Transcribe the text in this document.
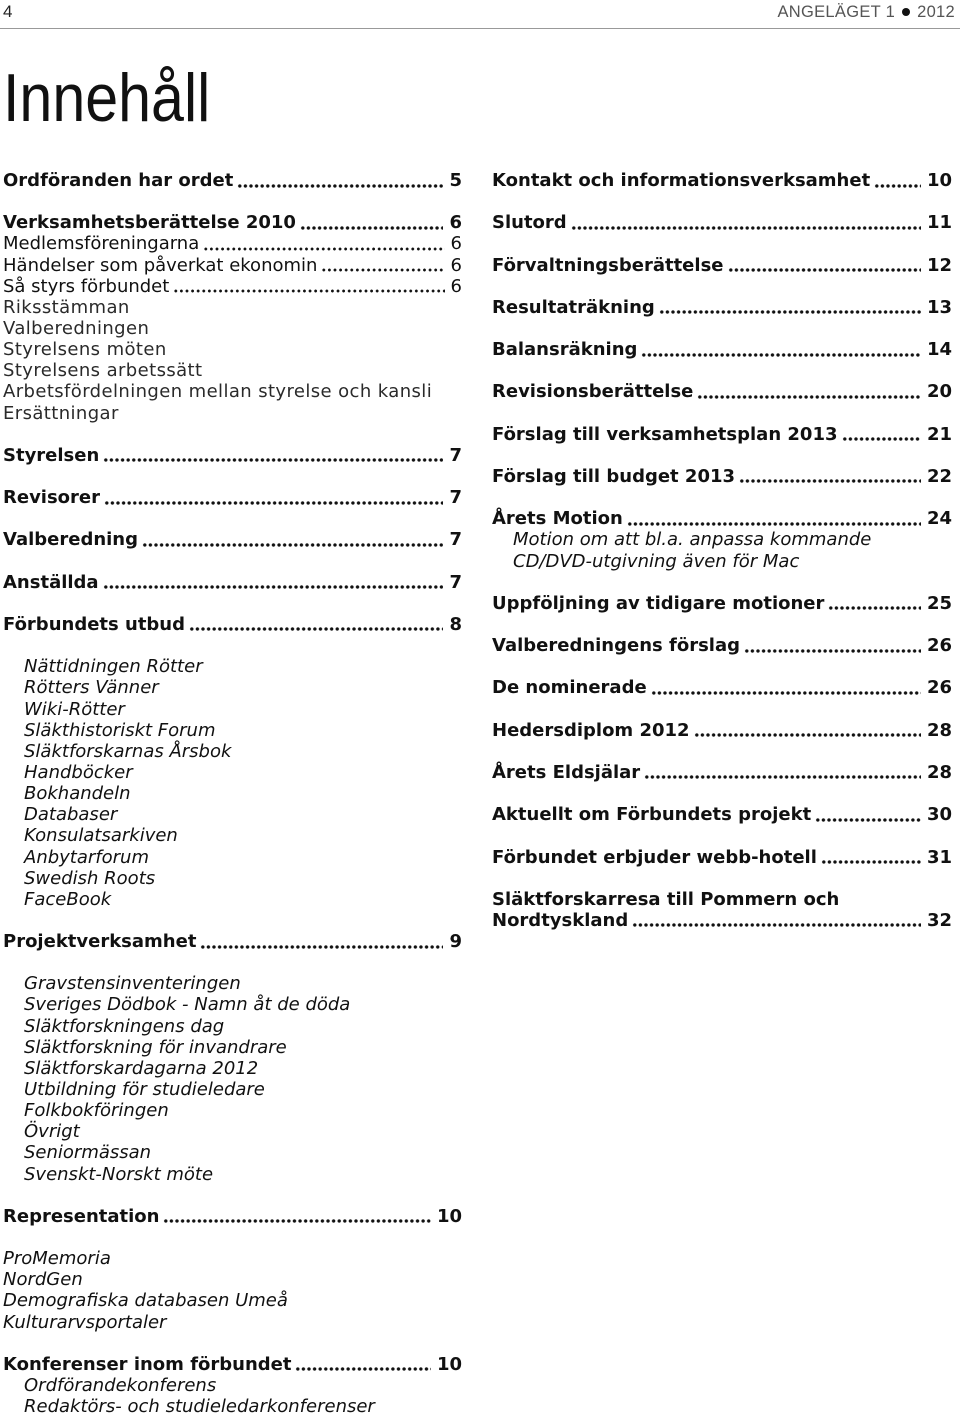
4	ANGELÄGET 1 2012
Innehåll
Ordföranden har ordet	5
Verksamhetsberättelse 2010	6
Medlemsföreningarna	6
Händelser som påverkat ekonomin	6
Så styrs förbundet	6
Riksstämman
Valberedningen
Styrelsens möten
Styrelsens arbetssätt
Arbetsfördelningen mellan styrelse och kansli
Ersättningar
Styrelsen	7
Revisorer	7
Valberedning	7
Anställda	7
Förbundets utbud	8
Nättidningen Rötter
Rötters Vänner
Wiki-Rötter
Släkthistoriskt Forum
Släktforskarnas Årsbok
Handböcker
Bokhandeln
Databaser
Konsulatsarkiven
Anbytarforum
Swedish Roots
FaceBook
Projektverksamhet	9
Gravstensinventeringen
Sveriges Dödbok - Namn åt de döda
Släktforskningens dag
Släktforskning för invandrare
Släktforskardagarna 2012
Utbildning för studieledare
Folkbokföringen
Övrigt
Seniormässan
Svenskt-Norskt möte
Representation	10
ProMemoria
NordGen
Demografiska databasen Umeå
Kulturarvsportaler
Konferenser inom förbundet	10
Ordförandekonferens
Redaktörs- och studieledarkonferenser
Kontakt och informationsverksamhet	10
Slutord	11
Förvaltningsberättelse	12
Resultaträkning	13
Balansräkning	14
Revisionsberättelse	20
Förslag till verksamhetsplan 2013	21
Förslag till budget 2013	22
Årets Motion	24
Motion om att bl.a. anpassa kommande
CD/DVD-utgivning även för Mac
Uppföljning av tidigare motioner	25
Valberedningens förslag	26
De nominerade	26
Hedersdiplom 2012	28
Årets Eldsjälar	28
Aktuellt om Förbundets projekt	30
Förbundet erbjuder webb-hotell	31
Släktforskarresa till Pommern och
Nordtyskland	32
